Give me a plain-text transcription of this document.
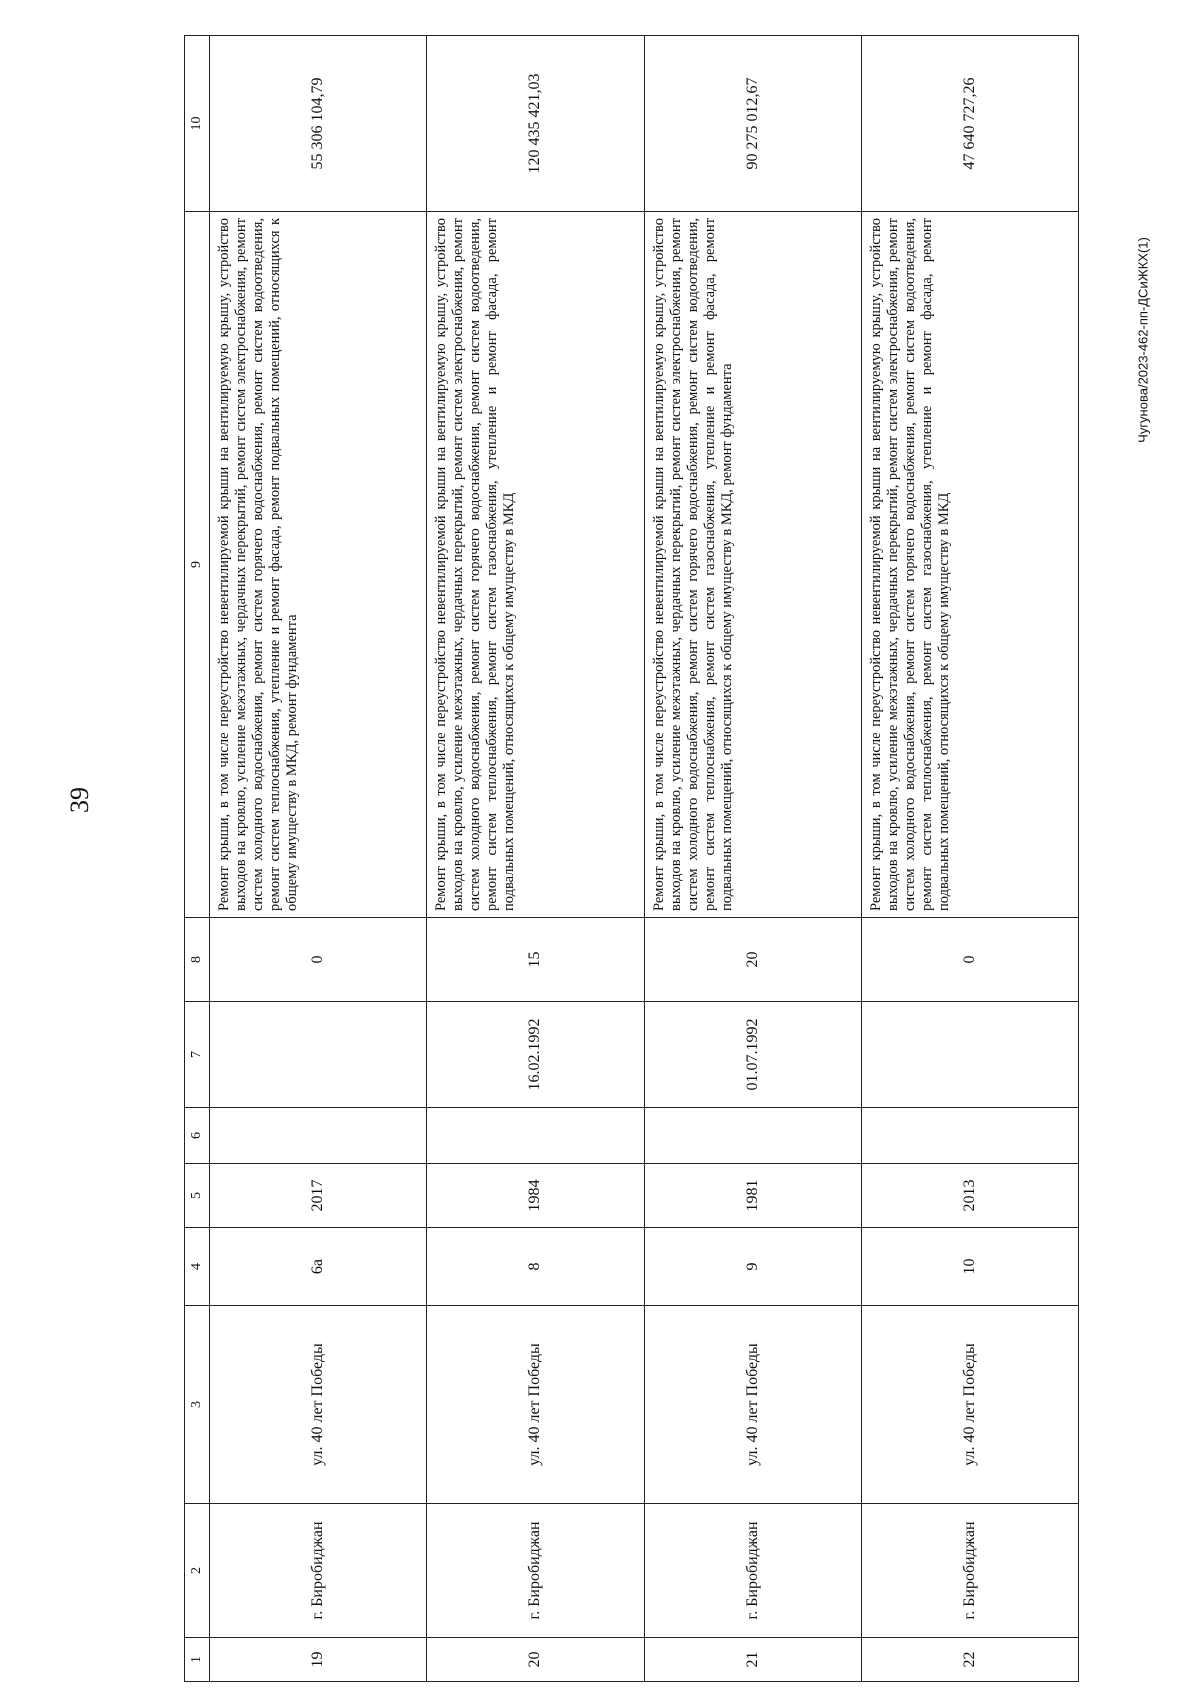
39
Чугунова/2023-462-пп-ДСиЖКХ(1)
1	2	3	4	5	6	7	8	9	10
19	г. Биробиджан	ул. 40 лет Победы	6а	2017			0	Ремонт крыши, в том числе переустройство невентилируемой крыши на вентилируемую крышу, устройство выходов на кровлю, усиление межэтажных, чердачных перекрытий, ремонт систем электроснабжения, ремонт систем холодного водоснабжения, ремонт систем горячего водоснабжения, ремонт систем водоотведения, ремонт систем теплоснабжения, утепление и ремонт фасада, ремонт подвальных помещений, относящихся к общему имуществу в МКД, ремонт фундамента	55 306 104,79
20	г. Биробиджан	ул. 40 лет Победы	8	1984		16.02.1992	15	Ремонт крыши, в том числе переустройство невентилируемой крыши на вентилируемую крышу, устройство выходов на кровлю, усиление межэтажных, чердачных перекрытий, ремонт систем электроснабжения, ремонт систем холодного водоснабжения, ремонт систем горячего водоснабжения, ремонт систем водоотведения, ремонт систем теплоснабжения, ремонт систем газоснабжения, утепление и ремонт фасада, ремонт подвальных помещений, относящихся к общему имуществу в МКД	120 435 421,03
21	г. Биробиджан	ул. 40 лет Победы	9	1981		01.07.1992	20	Ремонт крыши, в том числе переустройство невентилируемой крыши на вентилируемую крышу, устройство выходов на кровлю, усиление межэтажных, чердачных перекрытий, ремонт систем электроснабжения, ремонт систем холодного водоснабжения, ремонт систем горячего водоснабжения, ремонт систем водоотведения, ремонт систем теплоснабжения, ремонт систем газоснабжения, утепление и ремонт фасада, ремонт подвальных помещений, относящихся к общему имуществу в МКД, ремонт фундамента	90 275 012,67
22	г. Биробиджан	ул. 40 лет Победы	10	2013			0	Ремонт крыши, в том числе переустройство невентилируемой крыши на вентилируемую крышу, устройство выходов на кровлю, усиление межэтажных, чердачных перекрытий, ремонт систем электроснабжения, ремонт систем холодного водоснабжения, ремонт систем горячего водоснабжения, ремонт систем водоотведения, ремонт систем теплоснабжения, ремонт систем газоснабжения, утепление и ремонт фасада, ремонт подвальных помещений, относящихся к общему имуществу в МКД	47 640 727,26
